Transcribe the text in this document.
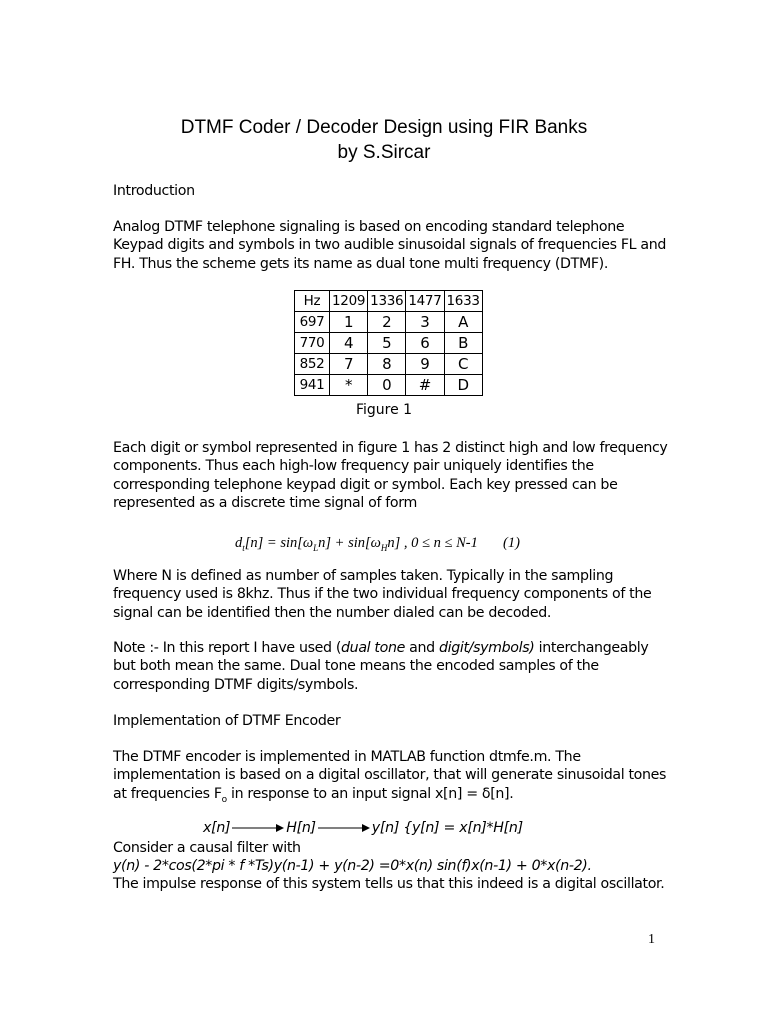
DTMF Coder / Decoder Design using FIR Banks
by S.Sircar
Introduction

Analog DTMF telephone signaling is based on encoding standard telephone Keypad digits and symbols in two audible sinusoidal signals of frequencies FL and FH. Thus the scheme gets its name as dual tone multi frequency (DTMF).

Hz	1209	1336	1477	1633
697	1	2	3	A
770	4	5	6	B
852	7	8	9	C
941	*	0	#	D
Figure 1

Each digit or symbol represented in figure 1 has 2 distinct high and low frequency components. Thus each high-low frequency pair uniquely identifies the corresponding telephone keypad digit or symbol. Each key pressed can be represented as a discrete time signal of form

$d_t[n] = \sin[\omega_Ln] + \sin[\omega_Hn]$ , 0 ≤ n ≤ N-1 (1)

Where N is defined as number of samples taken. Typically in the sampling frequency used is 8khz. Thus if the two individual frequency components of the signal can be identified then the number dialed can be decoded.

Note :- In this report I have used (dual tone and digit/symbols) interchangeably but both mean the same. Dual tone means the encoded samples of the corresponding DTMF digits/symbols.

Implementation of DTMF Encoder

The DTMF encoder is implemented in MATLAB function dtmfe.m. The implementation is based on a digital oscillator, that will generate sinusoidal tones at frequencies $F_o$ in response to an input signal x[n] = δ[n].

x[n]	H[n]	y[n] {y[n] = x[n]*H[n]
Consider a causal filter with
y(n) - 2*cos(2*pi * f *Ts)y(n-1) + y(n-2) =0*x(n) sin(f)x(n-1) + 0*x(n-2).
The impulse response of this system tells us that this indeed is a digital oscillator.
1
